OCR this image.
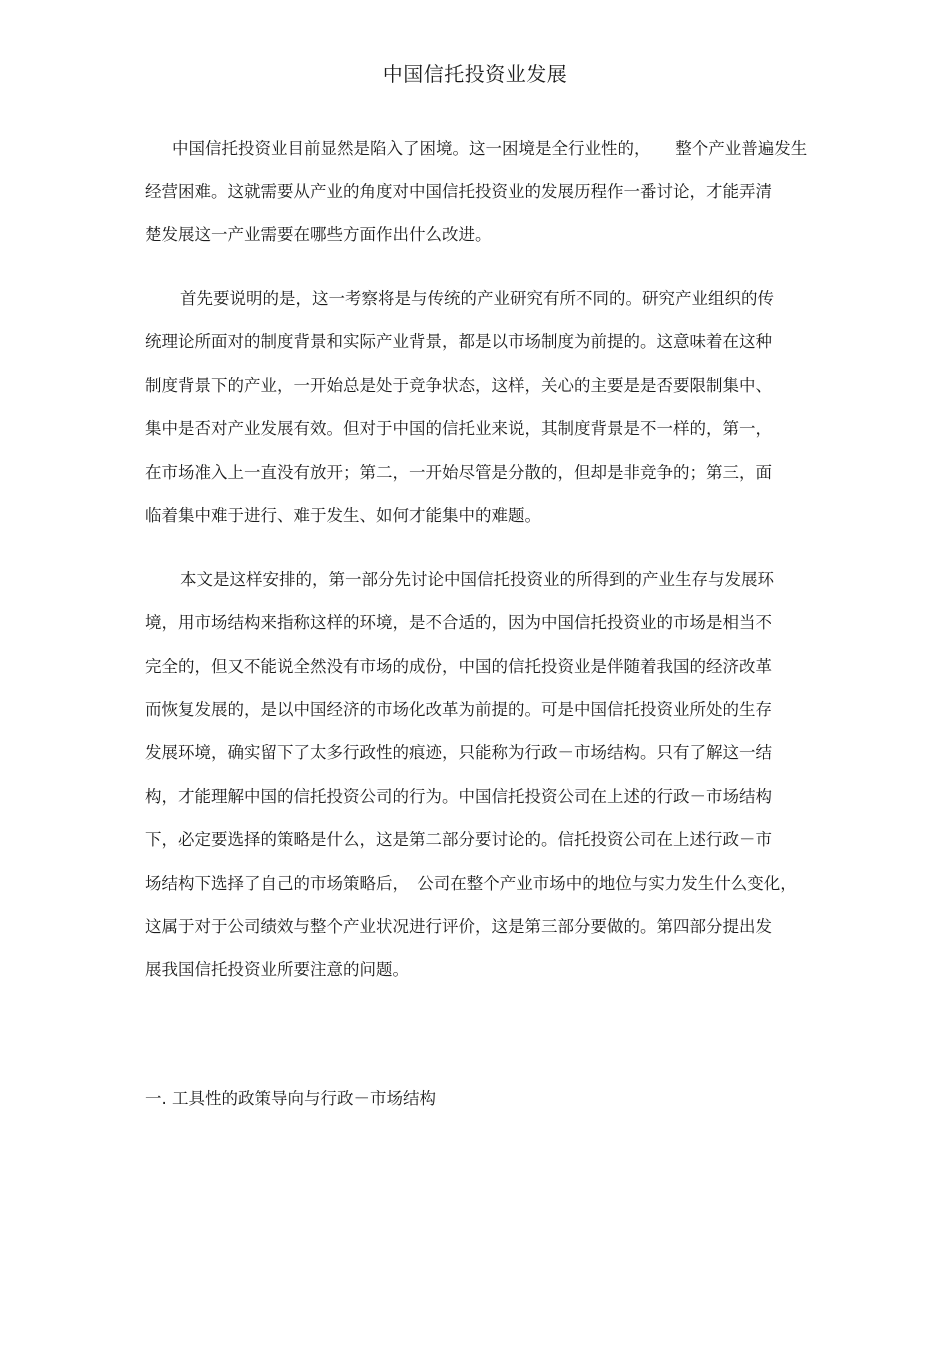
中国信托投资业发展
中国信托投资业目前显然是陷入了困境。这一困境是全行业性的，　　整个产业普遍发生
经营困难。这就需要从产业的角度对中国信托投资业的发展历程作一番讨论，才能弄清
楚发展这一产业需要在哪些方面作出什么改进。
首先要说明的是，这一考察将是与传统的产业研究有所不同的。研究产业组织的传
统理论所面对的制度背景和实际产业背景，都是以市场制度为前提的。这意味着在这种
制度背景下的产业，一开始总是处于竞争状态，这样，关心的主要是是否要限制集中、
集中是否对产业发展有效。但对于中国的信托业来说，其制度背景是不一样的，第一，
在市场准入上一直没有放开；第二，一开始尽管是分散的，但却是非竞争的；第三，面
临着集中难于进行、难于发生、如何才能集中的难题。
本文是这样安排的，第一部分先讨论中国信托投资业的所得到的产业生存与发展环
境，用市场结构来指称这样的环境，是不合适的，因为中国信托投资业的市场是相当不
完全的，但又不能说全然没有市场的成份，中国的信托投资业是伴随着我国的经济改革
而恢复发展的，是以中国经济的市场化改革为前提的。可是中国信托投资业所处的生存
发展环境，确实留下了太多行政性的痕迹，只能称为行政－市场结构。只有了解这一结
构，才能理解中国的信托投资公司的行为。中国信托投资公司在上述的行政－市场结构
下，必定要选择的策略是什么，这是第二部分要讨论的。信托投资公司在上述行政－市
场结构下选择了自己的市场策略后，　公司在整个产业市场中的地位与实力发生什么变化，
这属于对于公司绩效与整个产业状况进行评价，这是第三部分要做的。第四部分提出发
展我国信托投资业所要注意的问题。
一. 工具性的政策导向与行政－市场结构
